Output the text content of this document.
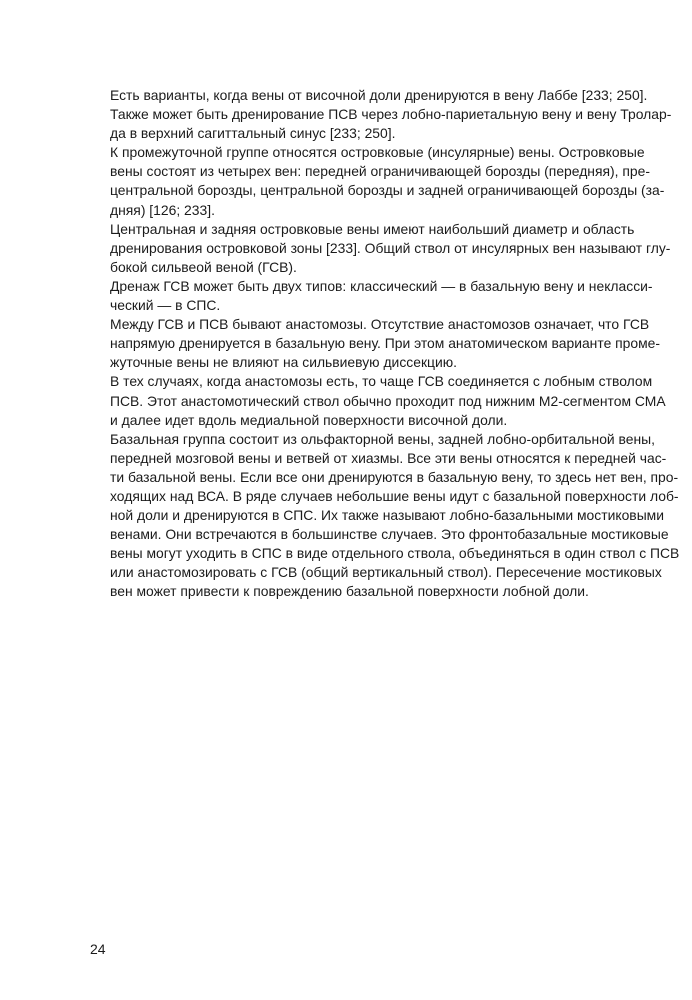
Есть варианты, когда вены от височной доли дренируются в вену Лаббе [233; 250].
Также может быть дренирование ПСВ через лобно-париетальную вену и вену Тролар-
да в верхний сагиттальный синус [233; 250].

К промежуточной группе относятся островковые (инсулярные) вены. Островковые
вены состоят из четырех вен: передней ограничивающей борозды (передняя), пре-
центральной борозды, центральной борозды и задней ограничивающей борозды (за-
дняя) [126; 233].

Центральная и задняя островковые вены имеют наибольший диаметр и область
дренирования островковой зоны [233]. Общий ствол от инсулярных вен называют глу-
бокой сильвеой веной (ГСВ).

Дренаж ГСВ может быть двух типов: классический — в базальную вену и некласси-
ческий — в СПС.

Между ГСВ и ПСВ бывают анастомозы. Отсутствие анастомозов означает, что ГСВ
напрямую дренируется в базальную вену. При этом анатомическом варианте проме-
жуточные вены не влияют на сильвиевую диссекцию.

В тех случаях, когда анастомозы есть, то чаще ГСВ соединяется с лобным стволом
ПСВ. Этот анастомотический ствол обычно проходит под нижним М2-сегментом СМА
и далее идет вдоль медиальной поверхности височной доли.

Базальная группа состоит из ольфакторной вены, задней лобно-орбитальной вены,
передней мозговой вены и ветвей от хиазмы. Все эти вены относятся к передней час-
ти базальной вены. Если все они дренируются в базальную вену, то здесь нет вен, про-
ходящих над ВСА. В ряде случаев небольшие вены идут с базальной поверхности лоб-
ной доли и дренируются в СПС. Их также называют лобно-базальными мостиковыми
венами. Они встречаются в большинстве случаев. Это фронтобазальные мостиковые
вены могут уходить в СПС в виде отдельного ствола, объединяться в один ствол с ПСВ
или анастомозировать с ГСВ (общий вертикальный ствол). Пересечение мостиковых
вен может привести к повреждению базальной поверхности лобной доли.

24
